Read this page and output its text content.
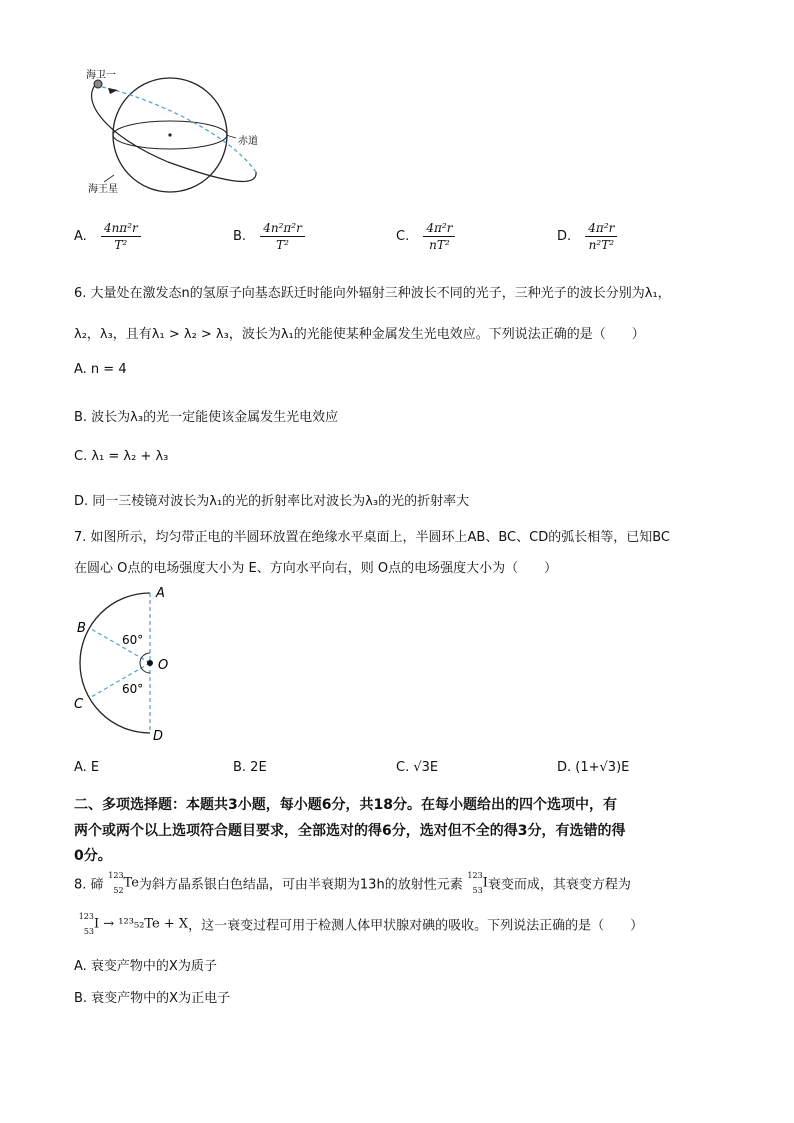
海卫一
赤道
海王星
A. $\frac{\text{4nπ²r}}{\text{T²}}$	B. $\frac{\text{4n²π²r}}{\text{T²}}$	C. $\frac{\text{4π²r}}{\text{nT²}}$	D. $\frac{\text{4π²r}}{\text{n²T²}}$
6. 大量处在激发态n的氢原子向基态跃迁时能向外辐射三种波长不同的光子，三种光子的波长分别为λ₁，
λ₂，λ₃，且有λ₁ > λ₂ > λ₃，波长为λ₁的光能使某种金属发生光电效应。下列说法正确的是（　　）
A. n = 4
B. 波长为λ₃的光一定能使该金属发生光电效应
C. λ₁ = λ₂ + λ₃
D. 同一三棱镜对波长为λ₁的光的折射率比对波长为λ₃的光的折射率大
7. 如图所示，均匀带正电的半圆环放置在绝缘水平桌面上，半圆环上AB、BC、CD的弧长相等，已知BC
在圆心 O点的电场强度大小为 E、方向水平向右，则 O点的电场强度大小为（　　）
A
B
C
D
O
60°
60°
A. E	B. 2E	C. √3E	D. (1+√3)E
二、多项选择题：本题共3小题，每小题6分，共18分。在每小题给出的四个选项中，有
两个或两个以上选项符合题目要求，全部选对的得6分，选对但不全的得3分，有选错的得
0分。
8. 碲
123
52 Te为斜方晶系银白色结晶，可由半衰期为13h的放射性元素
123
53 I衰变而成，其衰变方程为
123
53 I → ¹²³₅₂Te + X，这一衰变过程可用于检测人体甲状腺对碘的吸收。下列说法正确的是（　　）
A. 衰变产物中的X为质子
B. 衰变产物中的X为正电子
